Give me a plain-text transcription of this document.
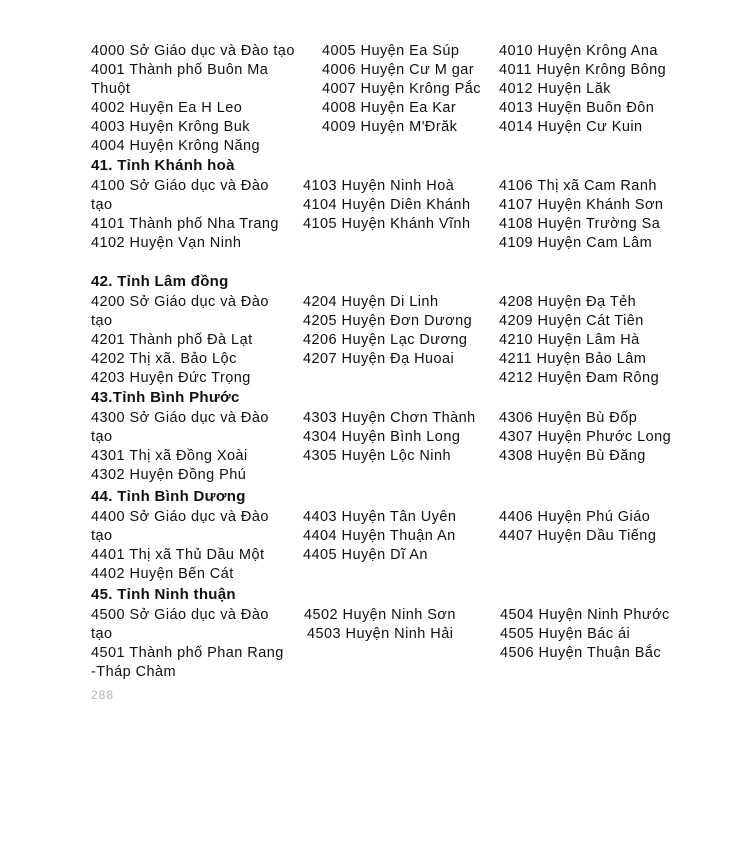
4000 Sở Giáo dục và Đào tạo
4001 Thành phố Buôn Ma Thuột
4002 Huyện Ea H Leo
4003 Huyện Krông Buk
4004 Huyện Krông Năng
4005 Huyện Ea Súp
4006 Huyện Cư M gar
4007 Huyện Krông Pắc
4008 Huyện Ea Kar
4009 Huyện M'Đrăk
4010 Huyện Krông Ana
4011 Huyện Krông Bông
4012 Huyện Lăk
4013 Huyện Buôn Đôn
4014 Huyện Cư Kuin
41. Tỉnh Khánh hoà
4100 Sở Giáo dục và Đào tạo
4101 Thành phố Nha Trang
4102 Huyện Vạn Ninh
4103 Huyện Ninh Hoà
4104 Huyện Diên Khánh
4105 Huyện Khánh Vĩnh
4106 Thị xã Cam Ranh
4107 Huyện Khánh Sơn
4108 Huyện Trường Sa
4109 Huyện Cam Lâm
42. Tỉnh Lâm đồng
4200 Sở Giáo dục và Đào tạo
4201 Thành phố Đà Lạt
4202 Thị xã. Bảo Lộc
4203 Huyện Đức Trọng
4204 Huyện Di Linh
4205 Huyện Đơn Dương
4206 Huyện Lạc Dương
4207 Huyện Đạ Huoai
4208 Huyện Đạ Tẻh
4209 Huyện Cát Tiên
4210 Huyện Lâm Hà
4211 Huyện Bảo Lâm
4212 Huyện Đam Rông
43.Tỉnh Bình Phước
4300 Sở Giáo dục và Đào tạo
4301 Thị xã Đồng Xoài
4302 Huyện Đồng Phú
4303 Huyện Chơn Thành
4304 Huyện Bình Long
4305 Huyện Lộc Ninh
4306 Huyện Bù Đốp
4307 Huyện Phước Long
4308 Huyện Bù Đăng
44. Tỉnh Bình Dương
4400 Sở Giáo dục và Đào tạo
4401 Thị xã Thủ Dầu Một
4402 Huyện Bến Cát
4403 Huyện Tân Uyên
4404 Huyện Thuận An
4405 Huyện Dĩ An
4406 Huyện Phú Giáo
4407 Huyện Dầu Tiếng
45. Tỉnh Ninh thuận
4500 Sở Giáo dục và Đào tạo
4501 Thành phố Phan Rang -Tháp Chàm
4502 Huyện Ninh Sơn
4503 Huyện Ninh Hải
4504 Huyện Ninh Phước
4505 Huyện Bác ái
4506 Huyện Thuận Bắc
288
